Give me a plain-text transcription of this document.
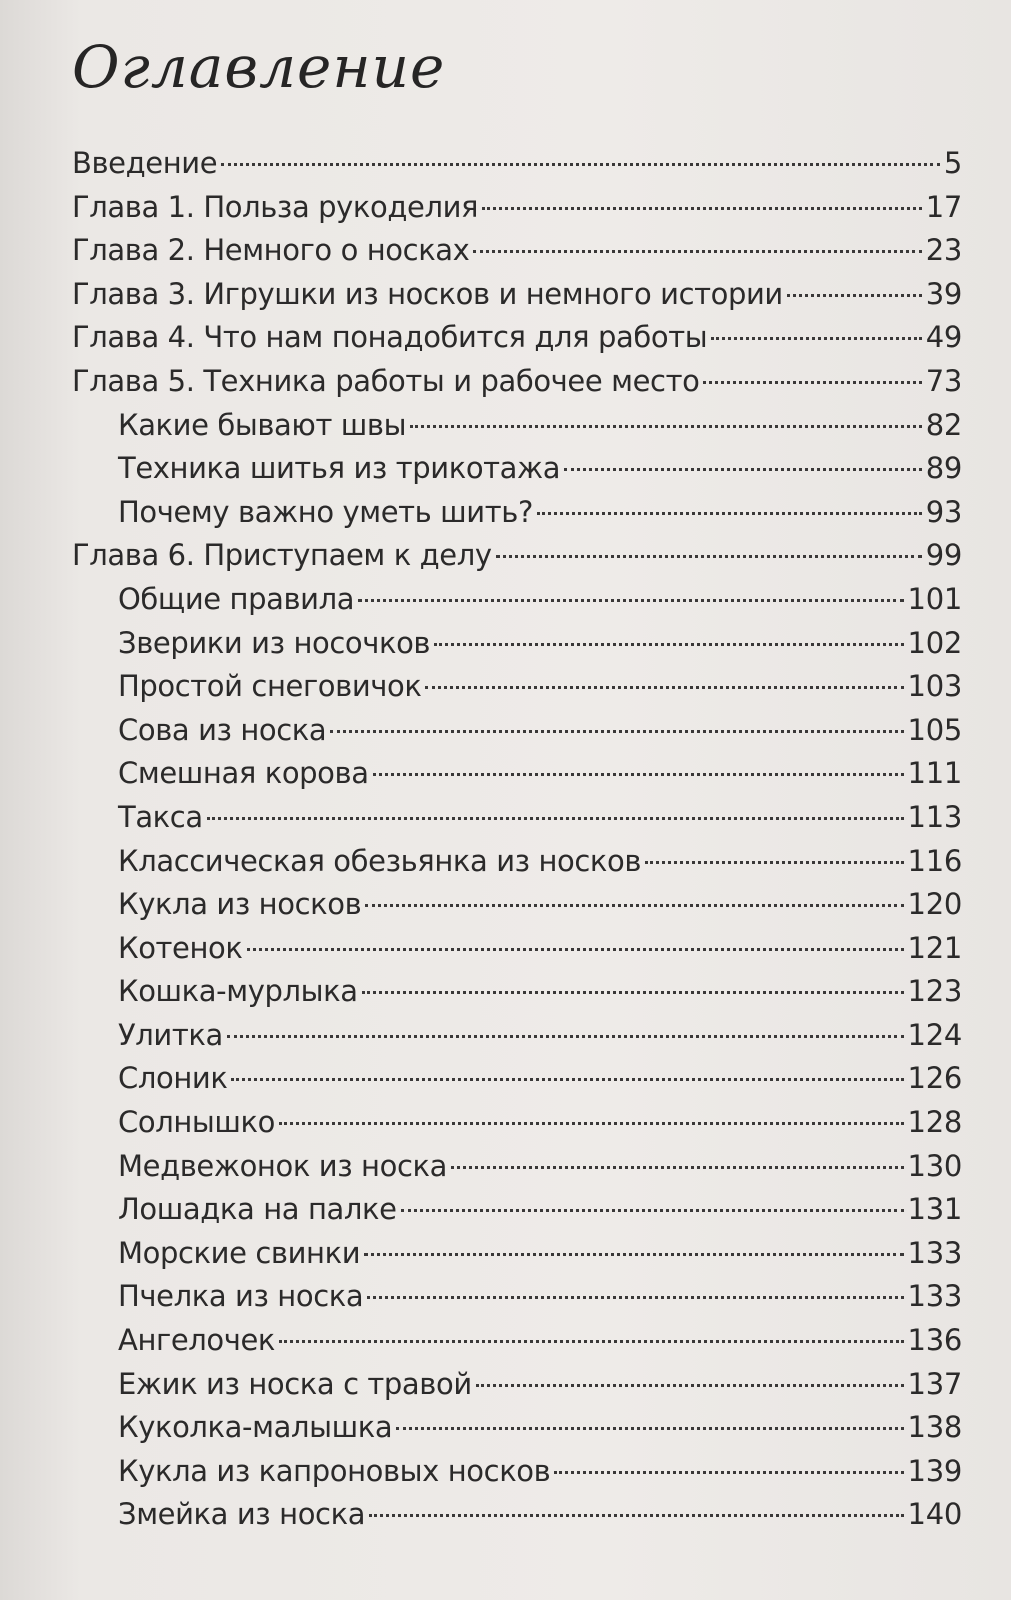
Оглавление
Введение	5
Глава 1. Польза рукоделия	17
Глава 2. Немного о носках	23
Глава 3. Игрушки из носков и немного истории	39
Глава 4. Что нам понадобится для работы	49
Глава 5. Техника работы и рабочее место	73
Какие бывают швы	82
Техника шитья из трикотажа	89
Почему важно уметь шить?	93
Глава 6. Приступаем к делу	99
Общие правила	101
Зверики из носочков	102
Простой снеговичок	103
Сова из носка	105
Смешная корова	111
Такса	113
Классическая обезьянка из носков	116
Кукла из носков	120
Котенок	121
Кошка-мурлыка	123
Улитка	124
Слоник	126
Солнышко	128
Медвежонок из носка	130
Лошадка на палке	131
Морские свинки	133
Пчелка из носка	133
Ангелочек	136
Ежик из носка с травой	137
Куколка-малышка	138
Кукла из капроновых носков	139
Змейка из носка	140
